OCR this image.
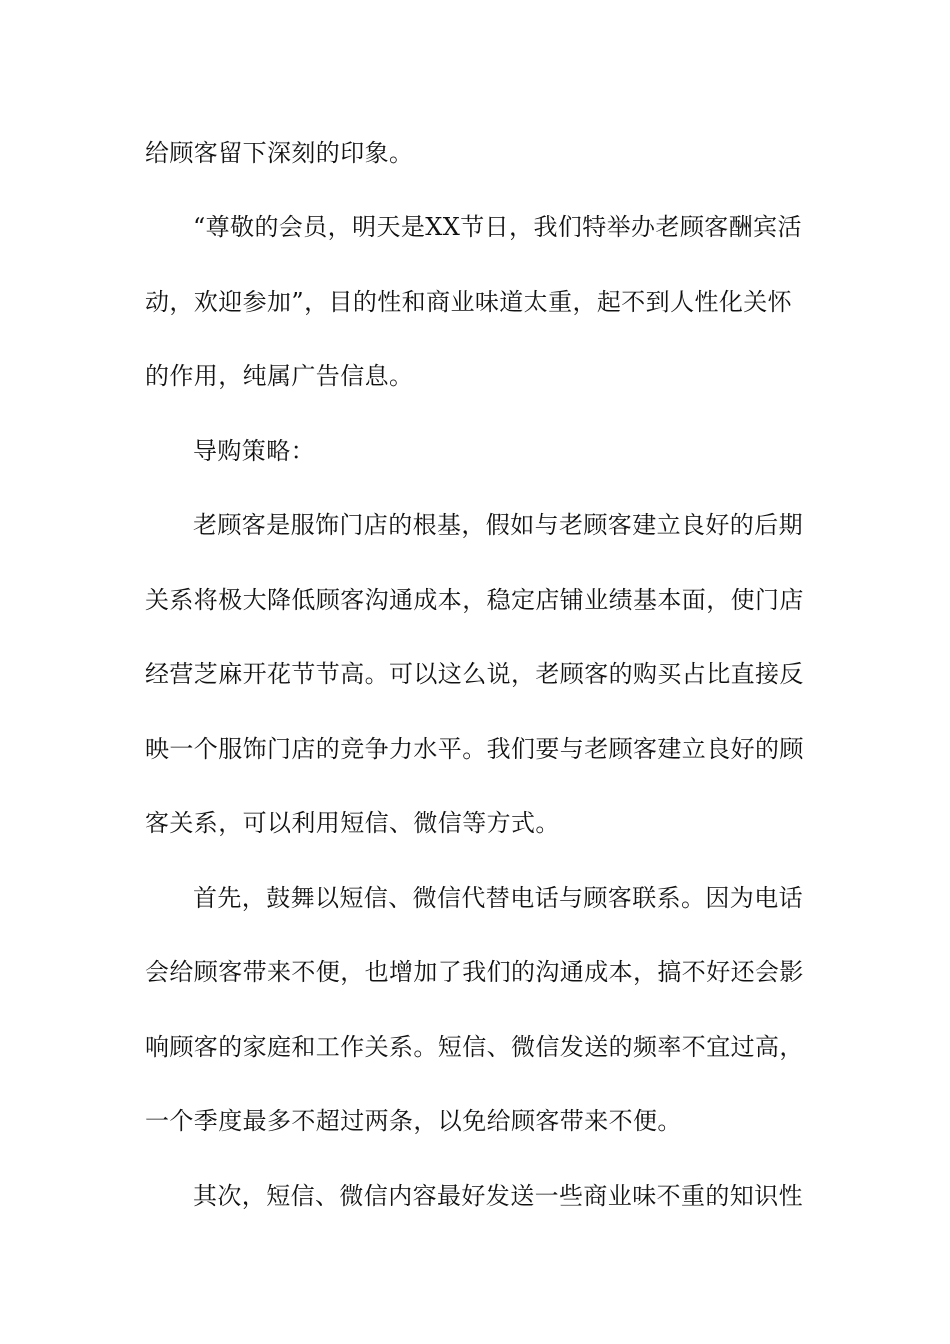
给顾客留下深刻的印象。
“尊敬的会员，明天是XX节日，我们特举办老顾客酬宾活
动，欢迎参加”，目的性和商业味道太重，起不到人性化关怀
的作用，纯属广告信息。
导购策略：
老顾客是服饰门店的根基，假如与老顾客建立良好的后期
关系将极大降低顾客沟通成本，稳定店铺业绩基本面，使门店
经营芝麻开花节节高。可以这么说，老顾客的购买占比直接反
映一个服饰门店的竞争力水平。我们要与老顾客建立良好的顾
客关系，可以利用短信、微信等方式。
首先，鼓舞以短信、微信代替电话与顾客联系。因为电话
会给顾客带来不便，也增加了我们的沟通成本，搞不好还会影
响顾客的家庭和工作关系。短信、微信发送的频率不宜过高，
一个季度最多不超过两条，以免给顾客带来不便。
其次，短信、微信内容最好发送一些商业味不重的知识性
